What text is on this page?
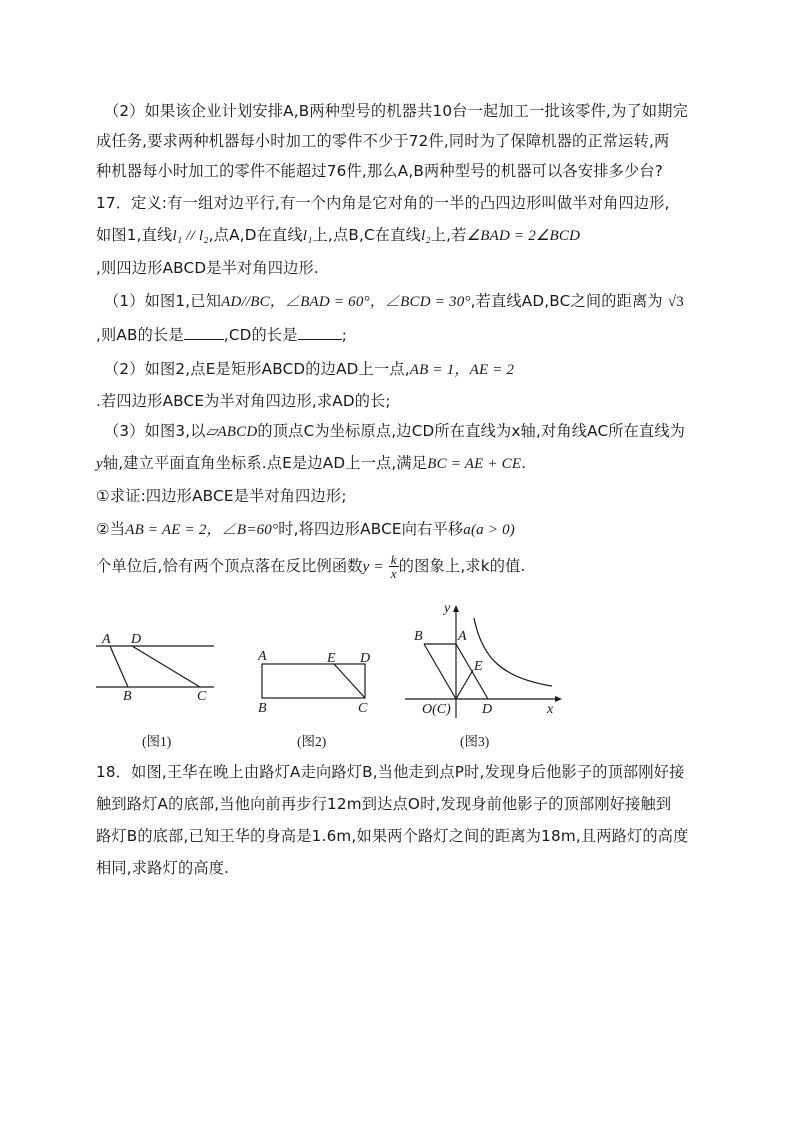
（2）如果该企业计划安排A,B两种型号的机器共10台一起加工一批该零件,为了如期完
成任务,要求两种机器每小时加工的零件不少于72件,同时为了保障机器的正常运转,两
种机器每小时加工的零件不能超过76件,那么A,B两种型号的机器可以各安排多少台?
17．定义:有一组对边平行,有一个内角是它对角的一半的凸四边形叫做半对角四边形,
如图1,直线l₁ // l₂,点A,D在直线l₁上,点B,C在直线l₂上,若∠BAD = 2∠BCD
,则四边形ABCD是半对角四边形.
（1）如图1,已知AD//BC，∠BAD = 60°，∠BCD = 30°,若直线AD,BC之间的距离为 √3
,则AB的长是	,CD的长是	;
（2）如图2,点E是矩形ABCD的边AD上一点,AB = 1，AE = 2
.若四边形ABCE为半对角四边形,求AD的长;
（3）如图3,以▱ABCD的顶点C为坐标原点,边CD所在直线为x轴,对角线AC所在直线为
y轴,建立平面直角坐标系.点E是边AD上一点,满足BC = AE + CE.
①求证:四边形ABCE是半对角四边形;
②当AB = AE = 2，∠B=60°时,将四边形ABCE向右平移a(a > 0)
个单位后,恰有两个顶点落在反比例函数$y = \frac{k}{x}$ 的图象上,求k的值.
A D
B	C
(图1)
A	E D
B	C
(图2)
B	A
E
O(C) D	x
y
(图3)
18．如图,王华在晚上由路灯A走向路灯B,当他走到点P时,发现身后他影子的顶部刚好接
触到路灯A的底部,当他向前再步行12m到达点O时,发现身前他影子的顶部刚好接触到
路灯B的底部,已知王华的身高是1.6m,如果两个路灯之间的距离为18m,且两路灯的高度
相同,求路灯的高度.
